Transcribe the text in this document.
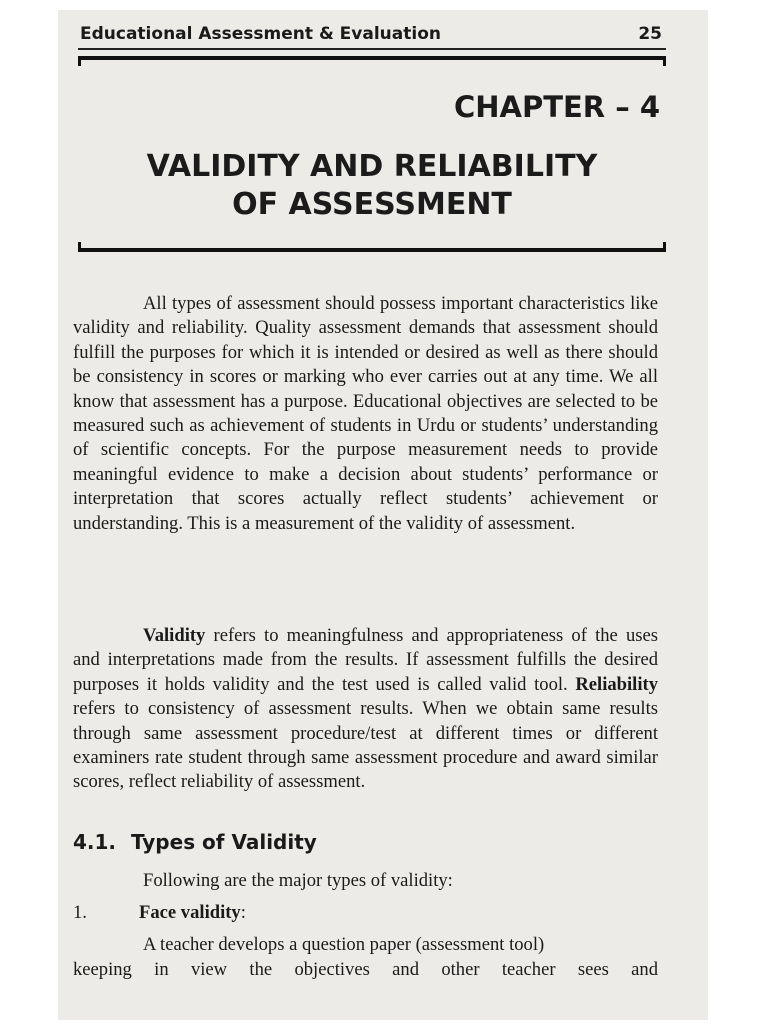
Educational Assessment & Evaluation	25
CHAPTER – 4
VALIDITY AND RELIABILITY
OF ASSESSMENT

All types of assessment should possess important characteristics like validity and reliability. Quality assessment demands that assessment should fulfill the purposes for which it is intended or desired as well as there should be consistency in scores or marking who ever carries out at any time. We all know that assessment has a purpose. Educational objectives are selected to be measured such as achievement of students in Urdu or students’ understanding of scientific concepts. For the purpose measurement needs to provide meaningful evidence to make a decision about students’ performance or interpretation that scores actually reflect students’ achievement or understanding. This is a measurement of the validity of assessment.

Validity refers to meaningfulness and appropriateness of the uses and interpretations made from the results. If assessment fulfills the desired purposes it holds validity and the test used is called valid tool. Reliability refers to consistency of assessment results. When we obtain same results through same assessment procedure/test at different times or different examiners rate student through same assessment procedure and award similar scores, reflect reliability of assessment.

4.1. Types of Validity
Following are the major types of validity:
1.	Face validity:
A teacher develops a question paper (assessment tool)
keeping in view the objectives and other teacher sees and
